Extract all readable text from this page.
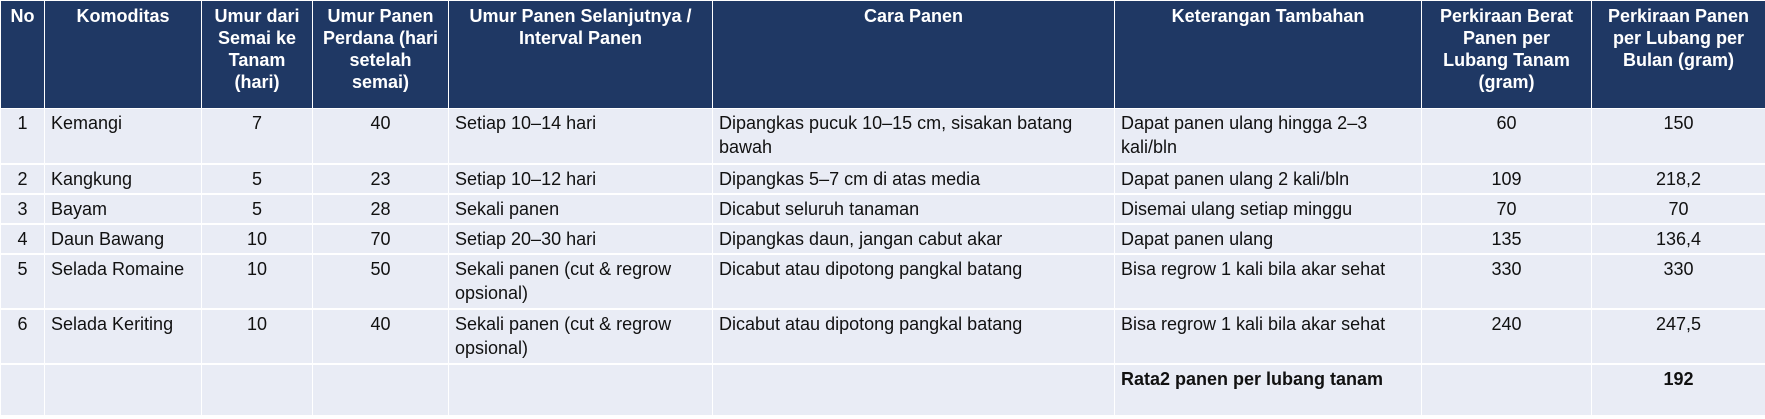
No	Komoditas	Umur dari Semai ke Tanam (hari)	Umur Panen Perdana (hari setelah semai)	Umur Panen Selanjutnya / Interval Panen	Cara Panen	Keterangan Tambahan	Perkiraan Berat Panen per Lubang Tanam (gram)	Perkiraan Panen per Lubang per Bulan (gram)
1	Kemangi	7	40	Setiap 10–14 hari	Dipangkas pucuk 10–15 cm, sisakan batang bawah	Dapat panen ulang hingga 2–3 kali/bln	60	150
2	Kangkung	5	23	Setiap 10–12 hari	Dipangkas 5–7 cm di atas media	Dapat panen ulang 2 kali/bln	109	218,2
3	Bayam	5	28	Sekali panen	Dicabut seluruh tanaman	Disemai ulang setiap minggu	70	70
4	Daun Bawang	10	70	Setiap 20–30 hari	Dipangkas daun, jangan cabut akar	Dapat panen ulang	135	136,4
5	Selada Romaine	10	50	Sekali panen (cut & regrow opsional)	Dicabut atau dipotong pangkal batang	Bisa regrow 1 kali bila akar sehat	330	330
6	Selada Keriting	10	40	Sekali panen (cut & regrow opsional)	Dicabut atau dipotong pangkal batang	Bisa regrow 1 kali bila akar sehat	240	247,5
						Rata2 panen per lubang tanam		192
